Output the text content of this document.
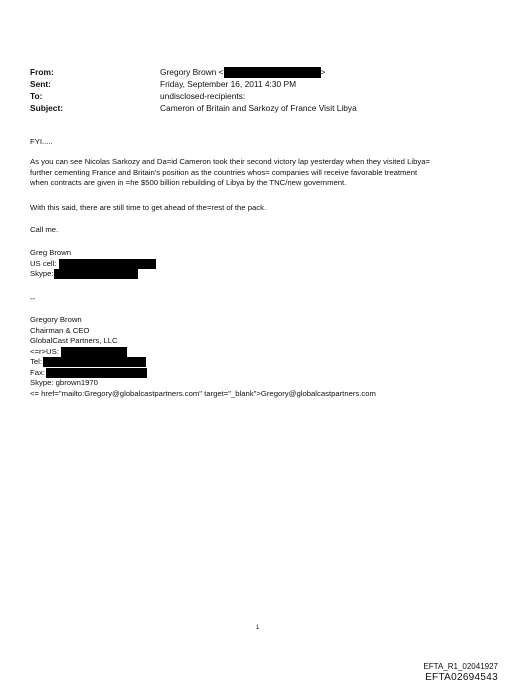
From:	Gregory Brown <	>
Sent:	Friday, September 16, 2011 4:30 PM
To:	undisclosed-recipients:
Subject:	Cameron of Britain and Sarkozy of France Visit Libya
FYI.....
As you can see Nicolas Sarkozy and Da=id Cameron took their second victory lap yesterday when they visited Libya=
further cementing France and Britain's position as the countries whos= companies will receive favorable treatment
when contracts are given in =he $500 billion rebuilding of Libya by the TNC/new government.
With this said, there are still time to get ahead of the=rest of the pack.
Call me.
Greg Brown
US cell:
Skype:
--
Gregory Brown
Chairman & CEO
GlobalCast Partners, LLC
<=r>US:
Tel:
Fax:
Skype: gbrown1970
<= href="mailto:Gregory@globalcastpartners.com" target="_blank">Gregory@globalcastpartners.com
1
EFTA_R1_02041927
EFTA02694543
